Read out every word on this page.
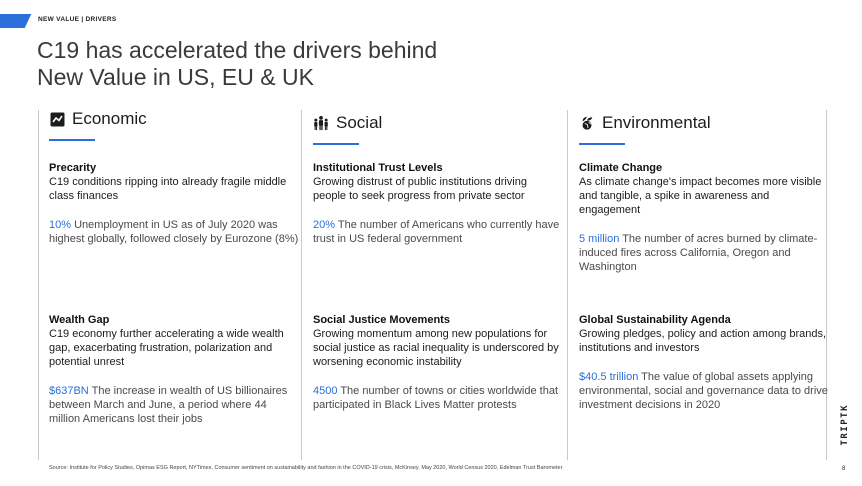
NEW VALUE | DRIVERS
C19 has accelerated the drivers behind
New Value in US, EU & UK
Economic
Precarity

C19 conditions ripping into already fragile middle class finances

10% Unemployment in US as of July 2020 was highest globally, followed closely by Eurozone (8%)

Wealth Gap

C19 economy further accelerating a wide wealth gap, exacerbating frustration, polarization and potential unrest

$637BN The increase in wealth of US billionaires between March and June, a period where 44 million Americans lost their jobs

Social
Institutional Trust Levels

Growing distrust of public institutions driving people to seek progress from private sector

20% The number of Americans who currently have trust in US federal government

Social Justice Movements

Growing momentum among new populations for social justice as racial inequality is underscored by worsening economic instability

4500 The number of towns or cities worldwide that participated in Black Lives Matter protests

Environmental
Climate Change

As climate change's impact becomes more visible and tangible, a spike in awareness and engagement

5 million The number of acres burned by climate-induced fires across California, Oregon and Washington

Global Sustainability Agenda

Growing pledges, policy and action among brands, institutions and investors

$40.5 trillion The value of global assets applying environmental, social and governance data to drive investment decisions in 2020

Source: Institute for Policy Studies, Opimas ESG Report, NYTimes, Consumer sentiment on sustainability and fashion in the COVID-19 crisis, McKinsey, May 2020, World Census 2020, Edelman Trust Barometer
TRIPTK
8
